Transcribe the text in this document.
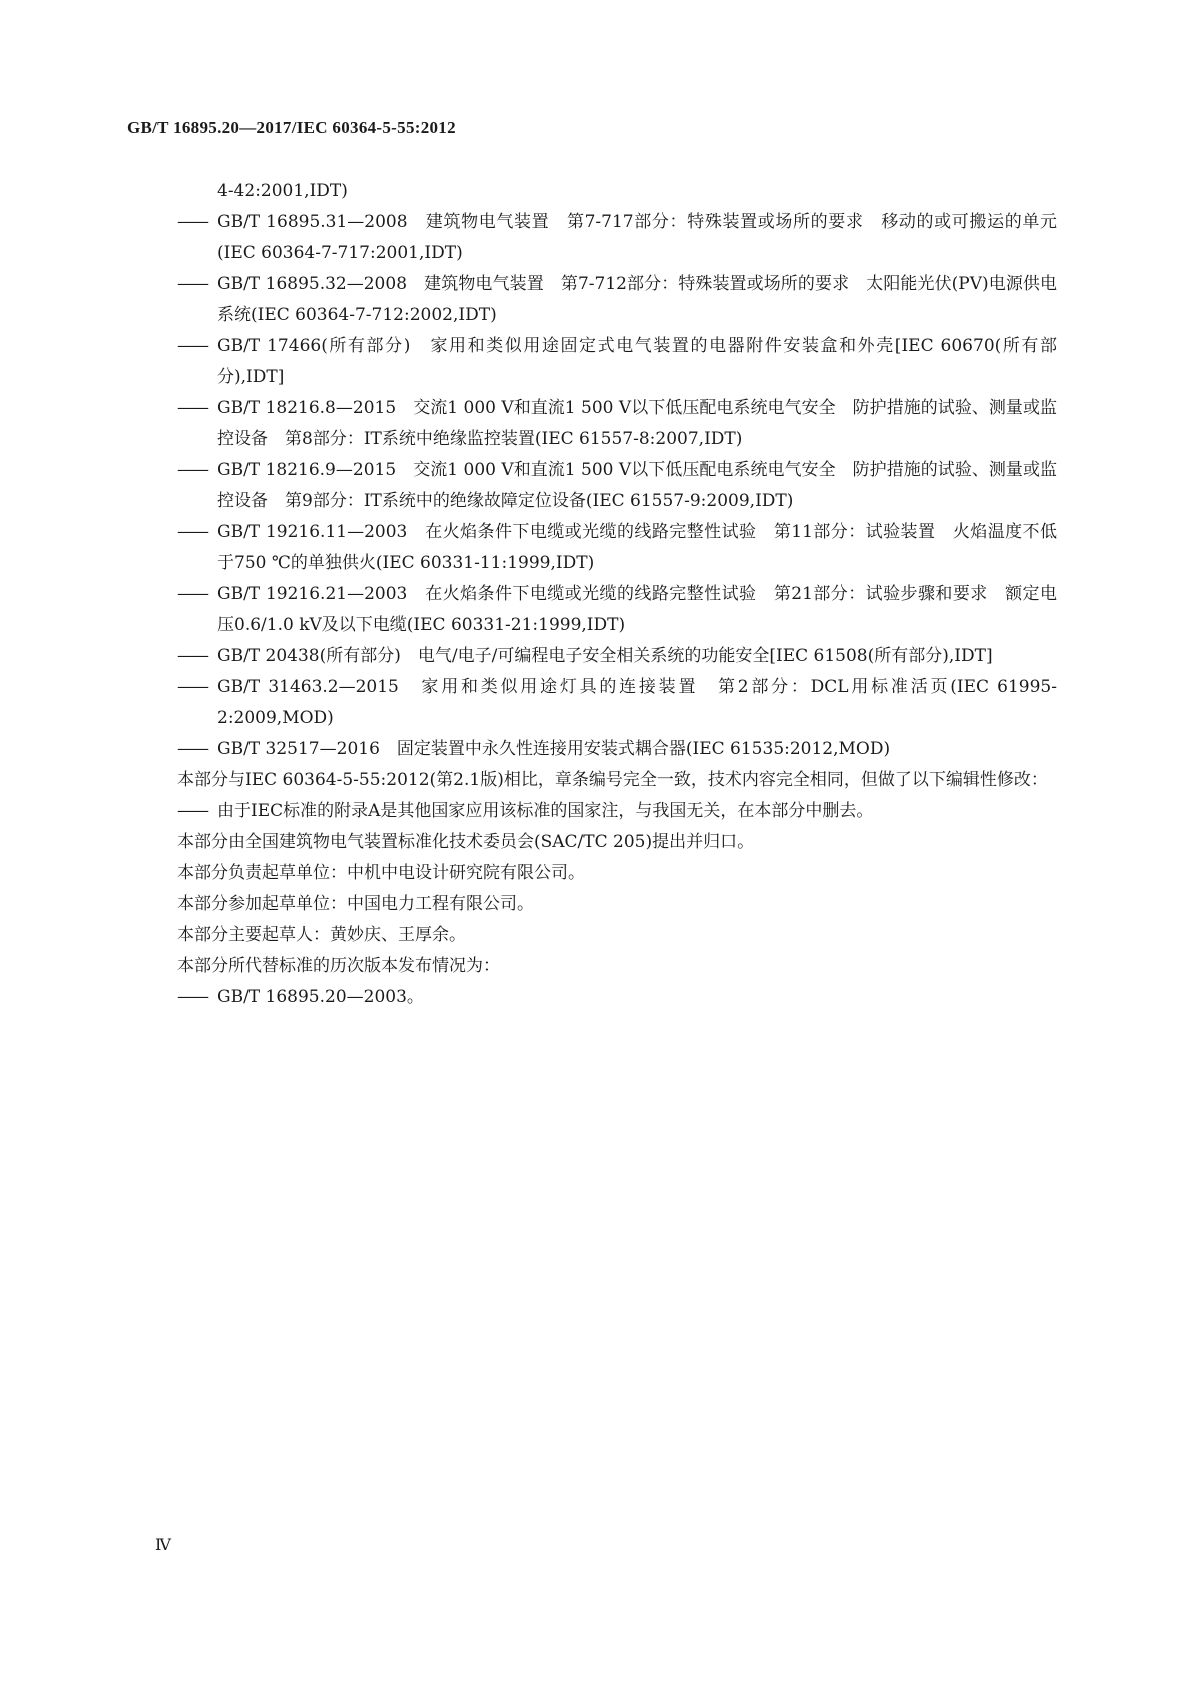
GB/T 16895.20—2017/IEC 60364-5-55:2012
4-42:2001,IDT)
—— GB/T 16895.31—2008　建筑物电气装置　第7-717部分：特殊装置或场所的要求　移动的或可搬运的单元(IEC 60364-7-717:2001,IDT)
—— GB/T 16895.32—2008　建筑物电气装置　第7-712部分：特殊装置或场所的要求　太阳能光伏(PV)电源供电系统(IEC 60364-7-712:2002,IDT)
—— GB/T 17466(所有部分)　家用和类似用途固定式电气装置的电器附件安装盒和外壳[IEC 60670(所有部分),IDT]
—— GB/T 18216.8—2015　交流1 000 V和直流1 500 V以下低压配电系统电气安全　防护措施的试验、测量或监控设备　第8部分：IT系统中绝缘监控装置(IEC 61557-8:2007,IDT)
—— GB/T 18216.9—2015　交流1 000 V和直流1 500 V以下低压配电系统电气安全　防护措施的试验、测量或监控设备　第9部分：IT系统中的绝缘故障定位设备(IEC 61557-9:2009,IDT)
—— GB/T 19216.11—2003　在火焰条件下电缆或光缆的线路完整性试验　第11部分：试验装置　火焰温度不低于750 ℃的单独供火(IEC 60331-11:1999,IDT)
—— GB/T 19216.21—2003　在火焰条件下电缆或光缆的线路完整性试验　第21部分：试验步骤和要求　额定电压0.6/1.0 kV及以下电缆(IEC 60331-21:1999,IDT)
—— GB/T 20438(所有部分)　电气/电子/可编程电子安全相关系统的功能安全[IEC 61508(所有部分),IDT]
—— GB/T 31463.2—2015　家用和类似用途灯具的连接装置　第2部分：DCL用标准活页(IEC 61995-2:2009,MOD)
—— GB/T 32517—2016　固定装置中永久性连接用安装式耦合器(IEC 61535:2012,MOD)
本部分与IEC 60364-5-55:2012(第2.1版)相比，章条编号完全一致，技术内容完全相同，但做了以下编辑性修改：
—— 由于IEC标准的附录A是其他国家应用该标准的国家注，与我国无关，在本部分中删去。
本部分由全国建筑物电气装置标准化技术委员会(SAC/TC 205)提出并归口。
本部分负责起草单位：中机中电设计研究院有限公司。
本部分参加起草单位：中国电力工程有限公司。
本部分主要起草人：黄妙庆、王厚余。
本部分所代替标准的历次版本发布情况为：
—— GB/T 16895.20—2003。
Ⅳ
